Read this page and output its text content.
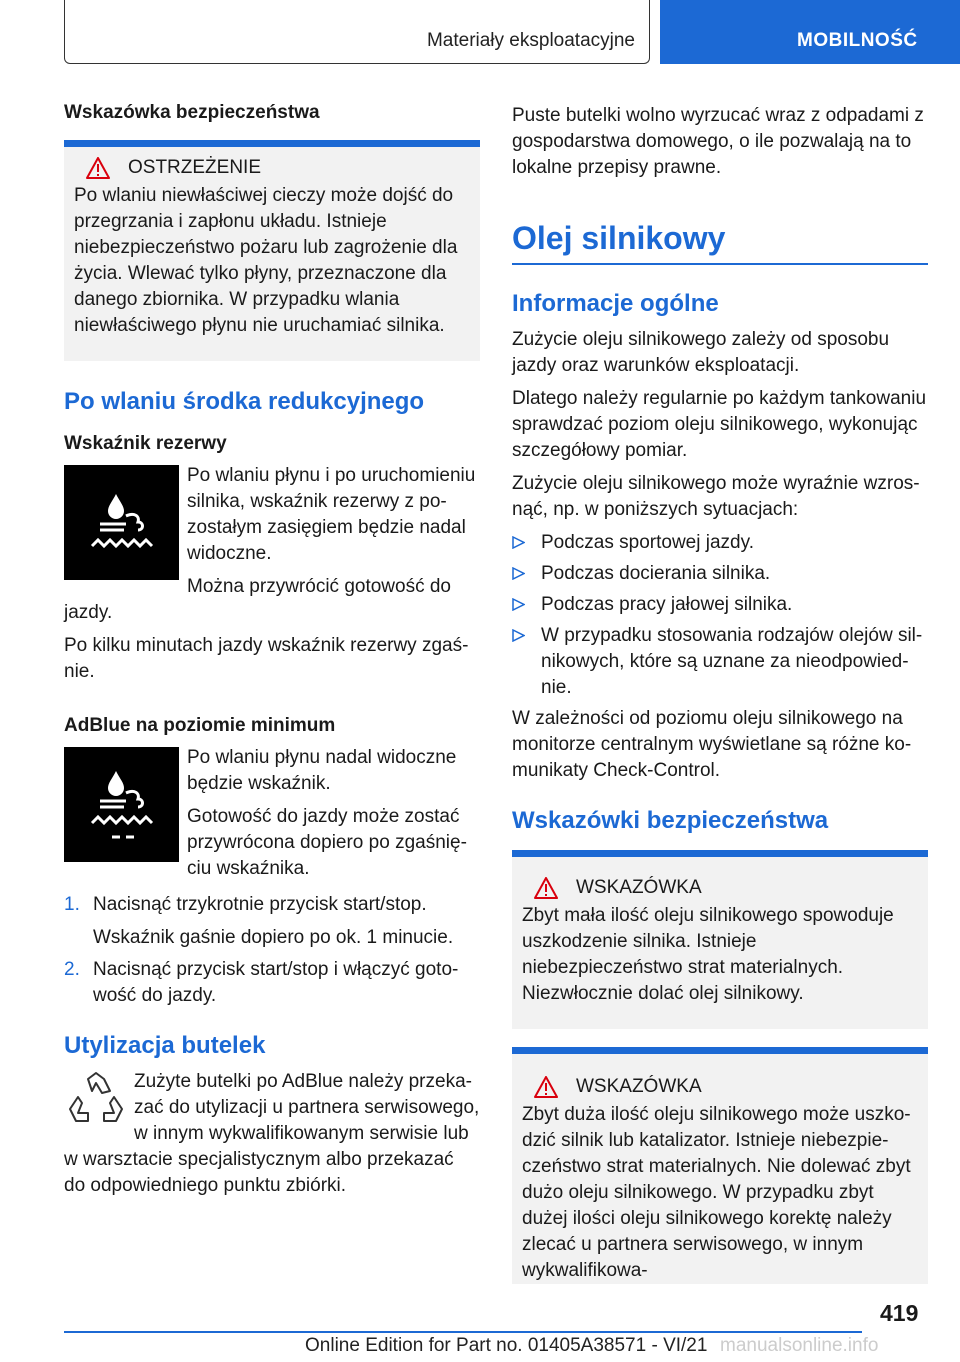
Materiały eksploatacyjne	MOBILNOŚĆ
Wskazówka bezpieczeństwa
OSTRZEŻENIE

Po wlaniu niewłaściwej cieczy może dojść do przegrzania i zapłonu układu. Istnieje niebezpieczeństwo pożaru lub zagrożenie dla życia. Wlewać tylko płyny, przeznaczone dla danego zbiornika. W przypadku wlania niewłaściwego płynu nie uruchamiać silnika.

Po wlaniu środka redukcyjnego
Wskaźnik rezerwy

Po wlaniu płynu i po uruchomieniu silnika, wskaźnik rezerwy z pozostałym zasięgiem będzie nadal widoczne.

Można przywrócić gotowość do jazdy.

Po kilku minutach jazdy wskaźnik rezerwy zgaśnie.

AdBlue na poziomie minimum

Po wlaniu płynu nadal widoczne będzie wskaźnik.

Gotowość do jazdy może zostać przywrócona dopiero po zgaśnięciu wskaźnika.

1. Nacisnąć trzykrotnie przycisk start/stop.
Wskaźnik gaśnie dopiero po ok. 1 minucie.
2. Nacisnąć przycisk start/stop i włączyć gotowość do jazdy.
Utylizacja butelek

Zużyte butelki po AdBlue należy przekazać do utylizacji u partnera serwisowego, w innym wykwalifikowanym serwisie lub w warsztacie specjalistycznym albo przekazać do odpowiedniego punktu zbiórki.

Puste butelki wolno wyrzucać wraz z odpadami z gospodarstwa domowego, o ile pozwalają na to lokalne przepisy prawne.

Olej silnikowy
Informacje ogólne

Zużycie oleju silnikowego zależy od sposobu jazdy oraz warunków eksploatacji.

Dlatego należy regularnie po każdym tankowaniu sprawdzać poziom oleju silnikowego, wykonując szczegółowy pomiar.

Zużycie oleju silnikowego może wyraźnie wzrosnąć, np. w poniższych sytuacjach:

Podczas sportowej jazdy.
Podczas docierania silnika.
Podczas pracy jałowej silnika.
W przypadku stosowania rodzajów olejów silnikowych, które są uznane za nieodpowiednie.

W zależności od poziomu oleju silnikowego na monitorze centralnym wyświetlane są różne komunikaty Check-Control.

Wskazówki bezpieczeństwa
WSKAZÓWKA

Zbyt mała ilość oleju silnikowego spowoduje uszkodzenie silnika. Istnieje niebezpieczeństwo strat materialnych. Niezwłocznie dolać olej silnikowy.

WSKAZÓWKA

Zbyt duża ilość oleju silnikowego może uszkodzić silnik lub katalizator. Istnieje niebezpieczeństwo strat materialnych. Nie dolewać zbyt dużo oleju silnikowego. W przypadku zbyt dużej ilości oleju silnikowego korektę należy zlecać u partnera serwisowego, w innym wykwalifikowa-

419
Online Edition for Part no. 01405A38571 - VI/21 manualsonline.info
